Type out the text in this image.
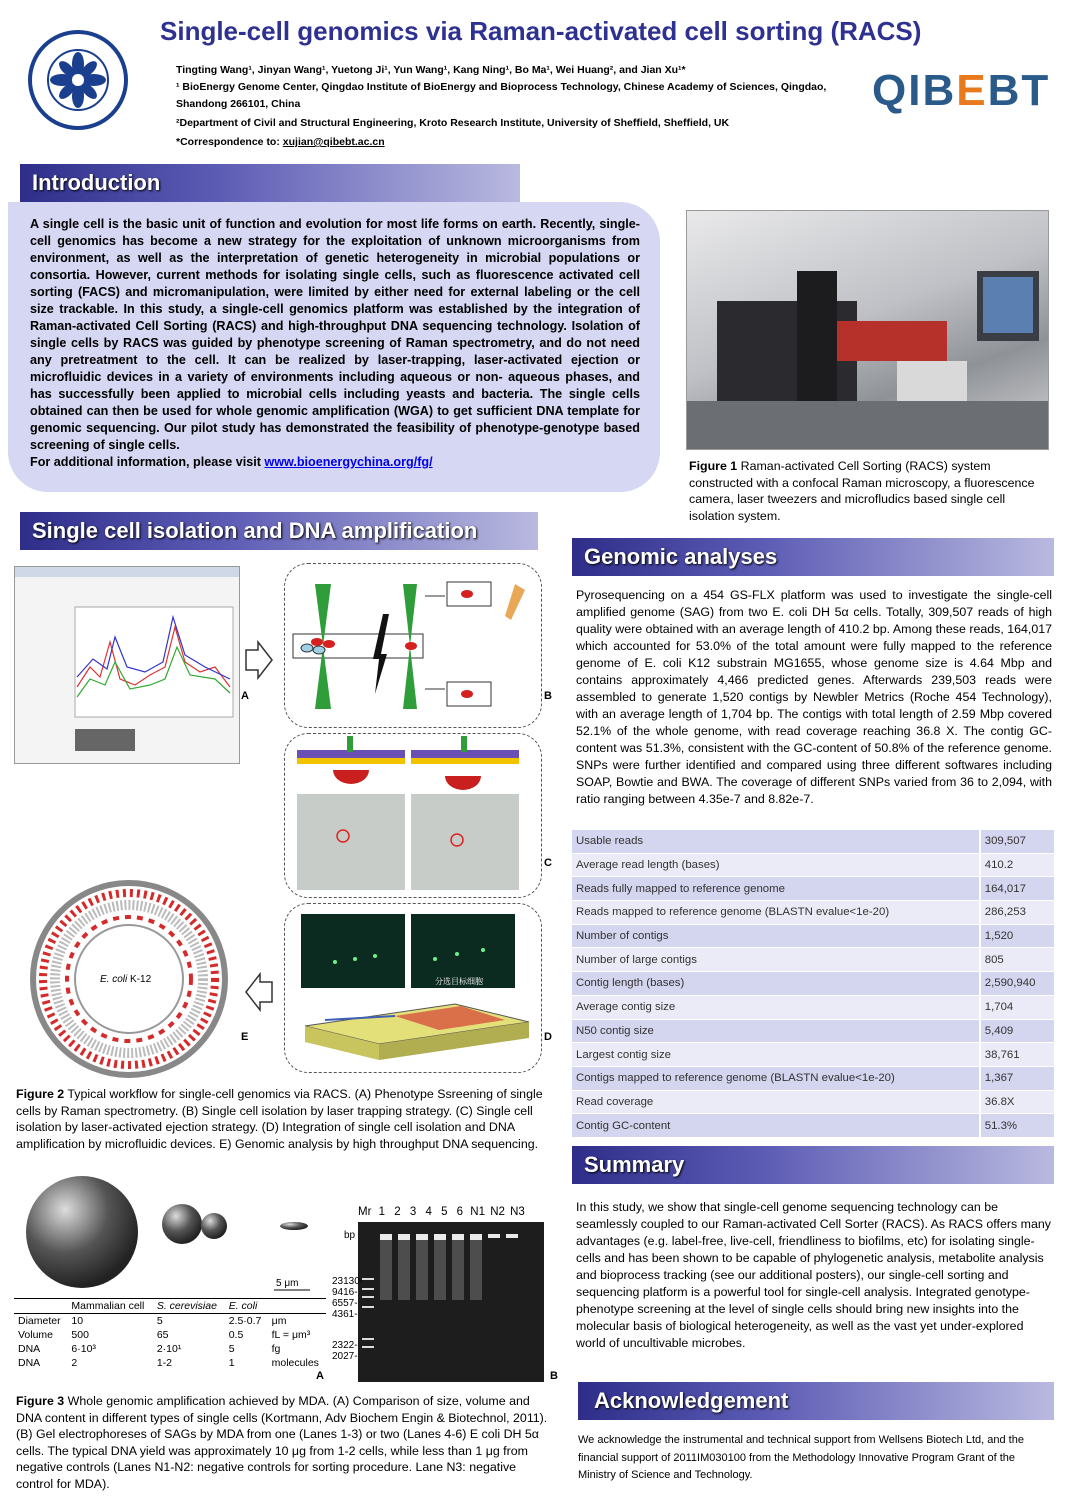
Single-cell genomics via Raman-activated cell sorting (RACS)
Tingting Wang¹, Jinyan Wang¹, Yuetong Ji¹, Yun Wang¹, Kang Ning¹, Bo Ma¹, Wei Huang², and Jian Xu¹*
¹ BioEnergy Genome Center, Qingdao Institute of BioEnergy and Bioprocess Technology, Chinese Academy of Sciences, Qingdao, Shandong 266101, China
²Department of Civil and Structural Engineering, Kroto Research Institute, University of Sheffield, Sheffield, UK
*Correspondence to: xujian@qibebt.ac.cn
QIBEBT
Introduction
A single cell is the basic unit of function and evolution for most life forms on earth. Recently, single-cell genomics has become a new strategy for the exploitation of unknown microorganisms from environment, as well as the interpretation of genetic heterogeneity in microbial populations or consortia. However, current methods for isolating single cells, such as fluorescence activated cell sorting (FACS) and micromanipulation, were limited by either need for external labeling or the cell size trackable. In this study, a single-cell genomics platform was established by the integration of Raman-activated Cell Sorting (RACS) and high-throughput DNA sequencing technology. Isolation of single cells by RACS was guided by phenotype screening of Raman spectrometry, and do not need any pretreatment to the cell. It can be realized by laser-trapping, laser-activated ejection or microfluidic devices in a variety of environments including aqueous or non- aqueous phases, and has successfully been applied to microbial cells including yeasts and bacteria. The single cells obtained can then be used for whole genomic amplification (WGA) to get sufficient DNA template for genomic sequencing. Our pilot study has demonstrated the feasibility of phenotype-genotype based screening of single cells.
For additional information, please visit www.bioenergychina.org/fg/	Figure 1 Raman-activated Cell Sorting (RACS) system constructed with a confocal Raman microscopy, a fluorescence camera, laser tweezers and microfludics based single cell isolation system.
Single cell isolation and DNA amplification
A	B
C
分选目标细胞
D
E. coli K-12
E
Figure 2 Typical workflow for single-cell genomics via RACS. (A) Phenotype Ssreening of single cells by Raman spectrometry. (B) Single cell isolation by laser trapping strategy. (C) Single cell isolation by laser-activated ejection strategy. (D) Integration of single cell isolation and DNA amplification by microfluidic devices. E) Genomic analysis by high throughput DNA sequencing.
5 μm
	Mammalian cell	S. cerevisiae	E. coli	
Diameter	10	5	2.5·0.7	μm
Volume	500	65	0.5	fL = μm³
DNA	6·10³	2·10¹	5	fg
DNA	2	1-2	1	molecules
A
Mr 1 2 3 4 5 6 N1 N2 N3
bp
23130-
9416-
6557-
4361-
2322-
2027-
B
Figure 3 Whole genomic amplification achieved by MDA. (A) Comparison of size, volume and DNA content in different types of single cells (Kortmann, Adv Biochem Engin & Biotechnol, 2011). (B) Gel electrophoreses of SAGs by MDA from one (Lanes 1-3) or two (Lanes 4-6) E coli DH 5α cells. The typical DNA yield was approximately 10 μg from 1-2 cells, while less than 1 μg from negative controls (Lanes N1-N2: negative controls for sorting procedure. Lane N3: negative control for MDA).
Genomic analyses
Pyrosequencing on a 454 GS-FLX platform was used to investigate the single-cell amplified genome (SAG) from two E. coli DH 5α cells. Totally, 309,507 reads of high quality were obtained with an average length of 410.2 bp. Among these reads, 164,017 which accounted for 53.0% of the total amount were fully mapped to the reference genome of E. coli K12 substrain MG1655, whose genome size is 4.64 Mbp and contains approximately 4,466 predicted genes. Afterwards 239,503 reads were assembled to generate 1,520 contigs by Newbler Metrics (Roche 454 Technology), with an average length of 1,704 bp. The contigs with total length of 2.59 Mbp covered 52.1% of the whole genome, with read coverage reaching 36.8 X. The contig GC-content was 51.3%, consistent with the GC-content of 50.8% of the reference genome. SNPs were further identified and compared using three different softwares including SOAP, Bowtie and BWA. The coverage of different SNPs varied from 36 to 2,094, with ratio ranging between 4.35e-7 and 8.82e-7.
Usable reads	309,507
Average read length (bases)	410.2
Reads fully mapped to reference genome	164,017
Reads mapped to reference genome (BLASTN evalue<1e-20)	286,253
Number of contigs	1,520
Number of large contigs	805
Contig length (bases)	2,590,940
Average contig size	1,704
N50 contig size	5,409
Largest contig size	38,761
Contigs mapped to reference genome (BLASTN evalue<1e-20)	1,367
Read coverage	36.8X
Contig GC-content	51.3%
Summary
In this study, we show that single-cell genome sequencing technology can be seamlessly coupled to our Raman-activated Cell Sorter (RACS). As RACS offers many advantages (e.g. label-free, live-cell, friendliness to biofilms, etc) for isolating single-cells and has been shown to be capable of phylogenetic analysis, metabolite analysis and bioprocess tracking (see our additional posters), our single-cell sorting and sequencing platform is a powerful tool for single-cell analysis. Integrated genotype-phenotype screening at the level of single cells should bring new insights into the molecular basis of biological heterogeneity, as well as the vast yet under-explored world of uncultivable microbes.
Acknowledgement
We acknowledge the instrumental and technical support from Wellsens Biotech Ltd, and the financial support of 2011IM030100 from the Methodology Innovative Program Grant of the Ministry of Science and Technology.
